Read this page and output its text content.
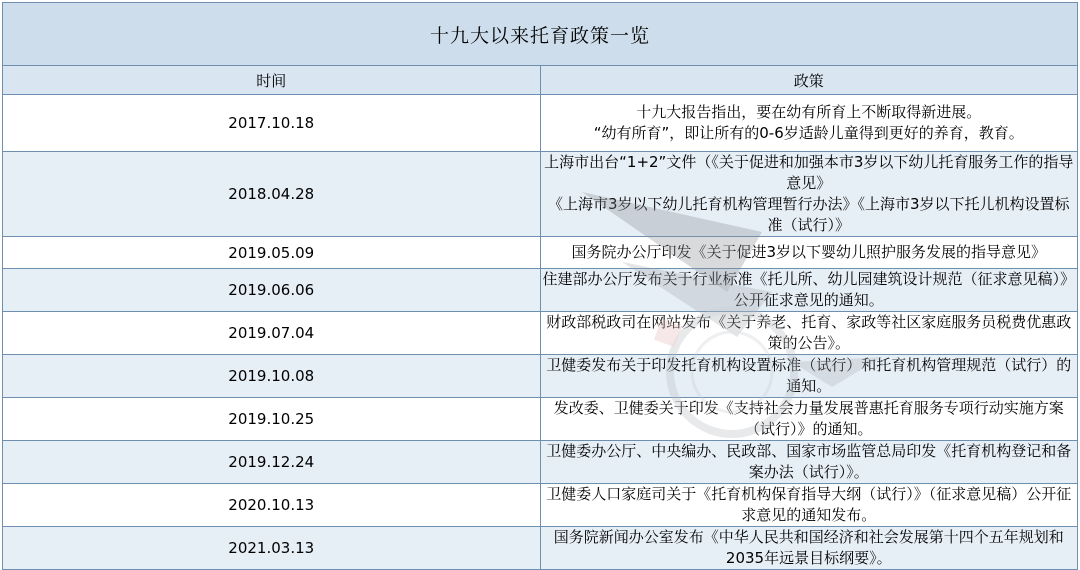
十九大以来托育政策一览	
时间	政策
2017.10.18	十九大报告指出，要在幼有所育上不断取得新进展。
“幼有所育”，即让所有的0-6岁适龄儿童得到更好的养育，教育。

2018.04.28	上海市出台“1+2”文件（《关于促进和加强本市3岁以下幼儿托育服务工作的指导意见》
《上海市3岁以下幼儿托育机构管理暂行办法》《上海市3岁以下托儿机构设置标准（试行）》

2019.05.09	国务院办公厅印发《关于促进3岁以下婴幼儿照护服务发展的指导意见》

2019.06.06	住建部办公厅发布关于行业标准《托儿所、幼儿园建筑设计规范（征求意见稿）》公开征求意见的通知。

2019.07.04	财政部税政司在网站发布《关于养老、托育、家政等社区家庭服务员税费优惠政策的公告》。

2019.10.08	卫健委发布关于印发托育机构设置标准（试行）和托育机构管理规范（试行）的通知。

2019.10.25	发改委、卫健委关于印发《支持社会力量发展普惠托育服务专项行动实施方案（试行）》的通知。

2019.12.24	卫健委办公厅、中央编办、民政部、国家市场监管总局印发《托育机构登记和备案办法（试行）》。

2020.10.13	卫健委人口家庭司关于《托育机构保育指导大纲（试行）》（征求意见稿）公开征求意见的通知发布。

2021.03.13	国务院新闻办公室发布《中华人民共和国经济和社会发展第十四个五年规划和2035年远景目标纲要》。
